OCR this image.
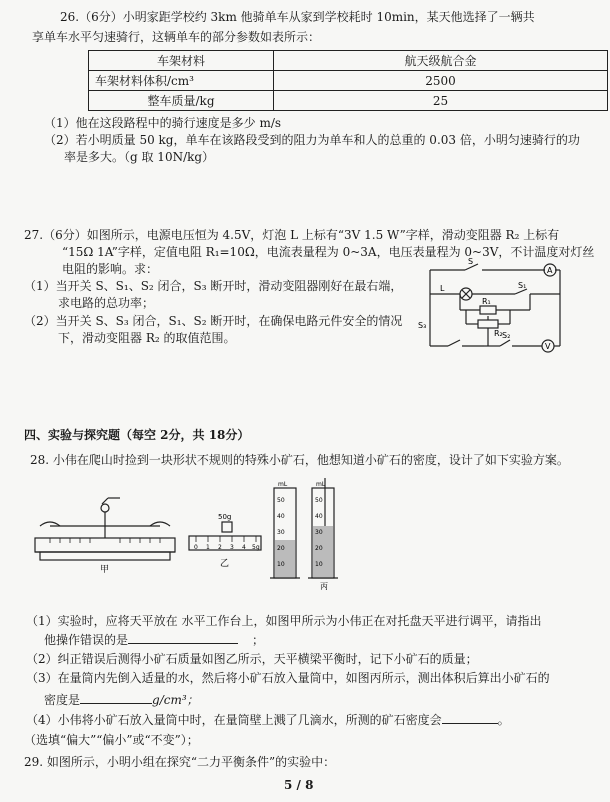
26.（6分）小明家距学校约 3km 他骑单车从家到学校耗时 10min，某天他选择了一辆共
享单车水平匀速骑行，这辆单车的部分参数如表所示：
车架材料	航天级航合金
车架材料体积/cm³	2500
整车质量/kg	25
（1）他在这段路程中的骑行速度是多少 m/s
（2）若小明质量 50 kg，单车在该路段受到的阻力为单车和人的总重的 0.03 倍，小明匀速骑行的功
率是多大。（g 取 10N/kg）
27.（6分）如图所示，电源电压恒为 4.5V，灯泡 L 上标有“3V 1.5 W”字样，滑动变阻器 R₂ 上标有
“15Ω 1A”字样，定值电阻 R₁=10Ω，电流表量程为 0~3A，电压表量程为 0~3V，不计温度对灯丝
电阻的影响。求：
（1）当开关 S、S₁、S₂ 闭合，S₃ 断开时，滑动变阻器刚好在最右端，
求电路的总功率；
（2）当开关 S、S₃ 闭合，S₁、S₂ 断开时，在确保电路元件安全的情况
下，滑动变阻器 R₂ 的取值范围。
S
A
V
L
R₁
S₁
R₂
S₃
S₂
四、实验与探究题（每空 2分，共 18分）
28. 小伟在爬山时捡到一块形状不规则的特殊小矿石，他想知道小矿石的密度，设计了如下实验方案。
甲
50g
0 1 2 3 4 5g
乙
mL	mL
50
40
30
20
10
50
40
30
20
10
丙
（1）实验时，应将天平放在 水平工作台上，如图甲所示为小伟正在对托盘天平进行调平，请指出
他操作错误的是	；
（2）纠正错误后测得小矿石质量如图乙所示，天平横梁平衡时，记下小矿石的质量；
（3）在量筒内先倒入适量的水，然后将小矿石放入量筒中，如图丙所示，测出体积后算出小矿石的
密度是	g/cm³；
（4）小伟将小矿石放入量筒中时，在量筒壁上溅了几滴水，所测的矿石密度会	。
（选填“偏大”“偏小”或“不变”）；
29. 如图所示，小明小组在探究“二力平衡条件”的实验中：
5 / 8
